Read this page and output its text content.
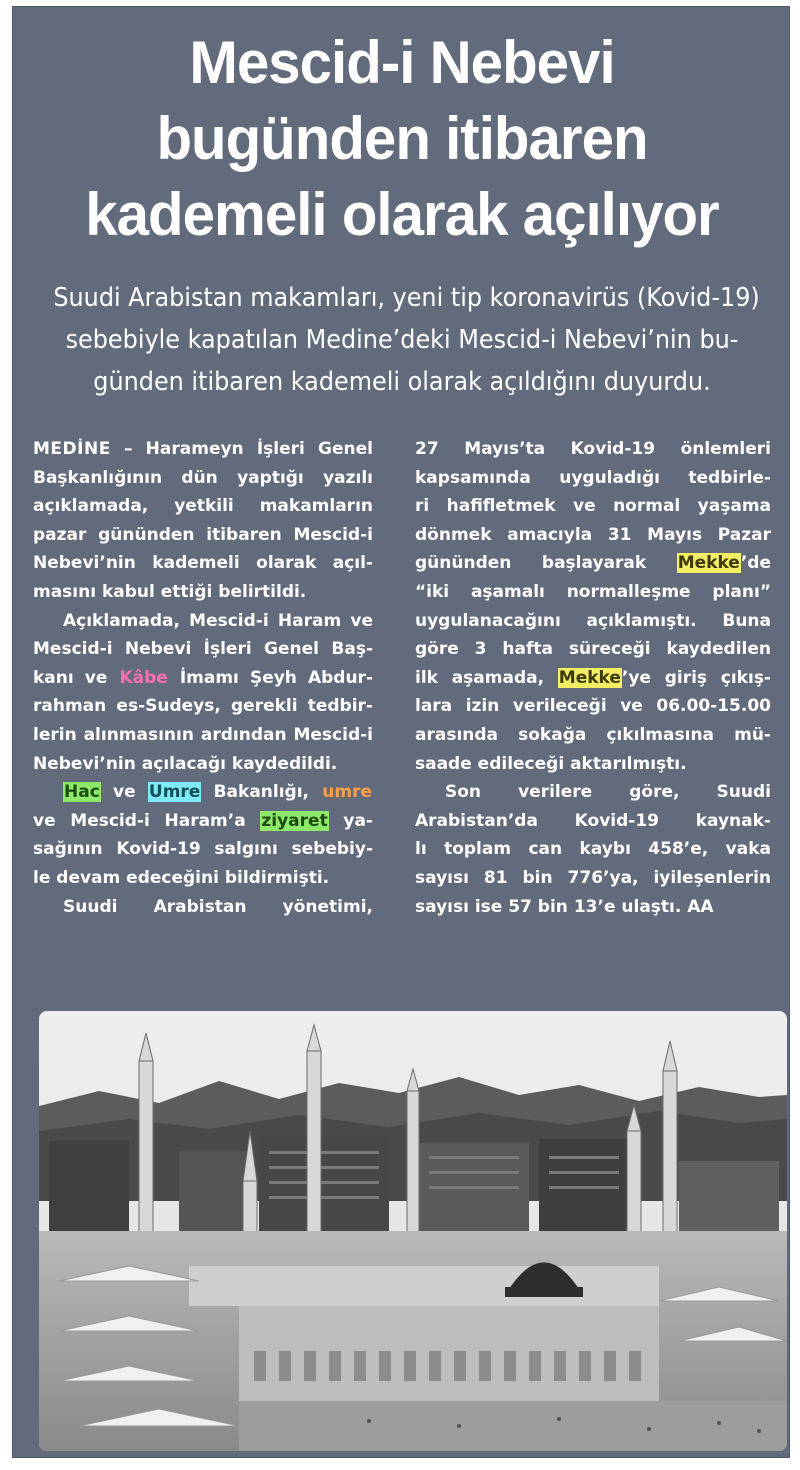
Mescid-i Nebevi
bugünden itibaren
kademeli olarak açılıyor

Suudi Arabistan makamları, yeni tip koronavirüs (Kovid-19)
sebebiyle kapatılan Medine’deki Mescid-i Nebevi’nin bu-
günden itibaren kademeli olarak açıldığını duyurdu.

MEDİNE – Harameyn İşleri Genel
Başkanlığının dün yaptığı yazılı
açıklamada, yetkili makamların
pazar gününden itibaren Mescid-i
Nebevi’nin kademeli olarak açıl-
masını kabul ettiği belirtildi.
Açıklamada, Mescid-i Haram ve
Mescid-i Nebevi İşleri Genel Baş-
kanı ve Kâbe İmamı Şeyh Abdur-
rahman es-Sudeys, gerekli tedbir-
lerin alınmasının ardından Mescid-i
Nebevi’nin açılacağı kaydedildi.
Hac ve Umre Bakanlığı, umre
ve Mescid-i Haram’a ziyaret ya-
sağının Kovid-19 salgını sebebiy-
le devam edeceğini bildirmişti.
Suudi Arabistan yönetimi,
27 Mayıs’ta Kovid-19 önlemleri
kapsamında uyguladığı tedbirle-
ri hafifletmek ve normal yaşama
dönmek amacıyla 31 Mayıs Pazar
gününden başlayarak Mekke’de
“iki aşamalı normalleşme planı”
uygulanacağını açıklamıştı. Buna
göre 3 hafta süreceği kaydedilen
ilk aşamada, Mekke’ye giriş çıkış-
lara izin verileceği ve 06.00-15.00
arasında sokağa çıkılmasına mü-
saade edileceği aktarılmıştı.
Son verilere göre, Suudi
Arabistan’da Kovid-19 kaynak-
lı toplam can kaybı 458’e, vaka
sayısı 81 bin 776’ya, iyileşenlerin
sayısı ise 57 bin 13’e ulaştı. AA
